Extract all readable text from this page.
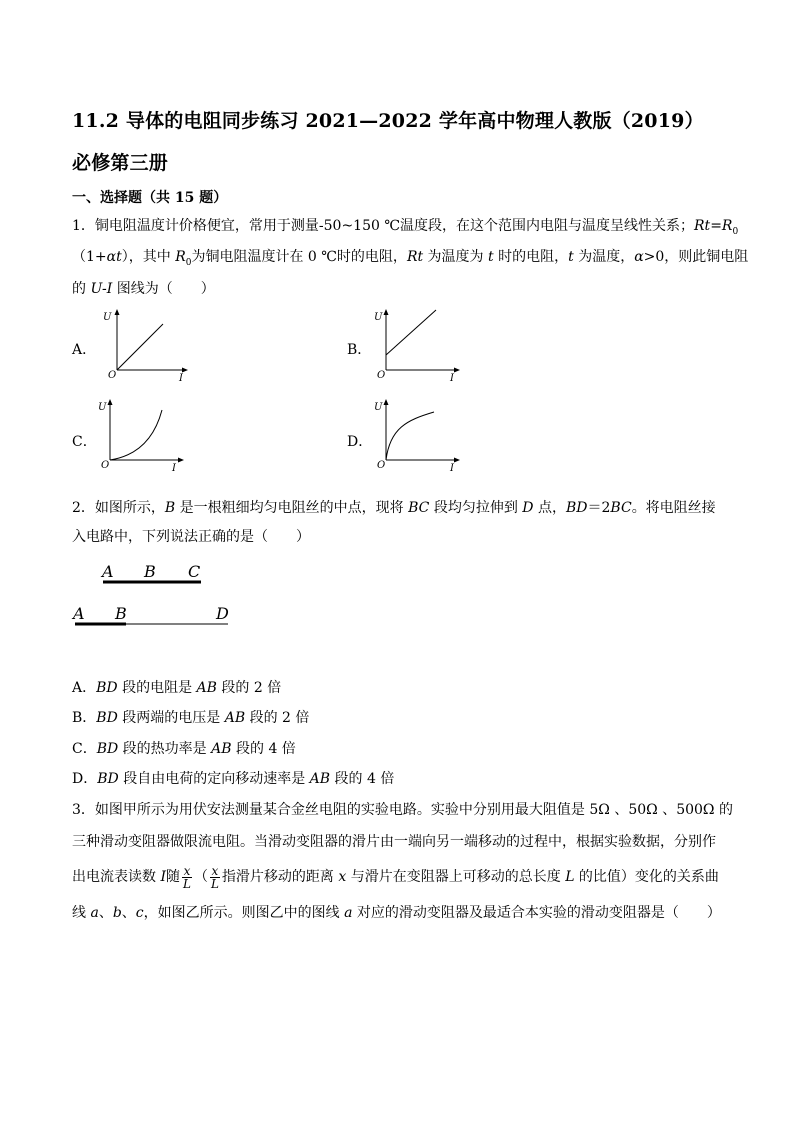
11.2 导体的电阻同步练习 2021—2022 学年高中物理人教版（2019）
必修第三册
一、选择题（共 15 题）
1．铜电阻温度计价格便宜，常用于测量-50~150 ℃温度段，在这个范围内电阻与温度呈线性关系；$Rt=R_0$
（1+αt），其中 $R_0$为铜电阻温度计在 0 ℃时的电阻，Rt 为温度为 t 时的电阻，t 为温度，α>0，则此铜电阻
的 U-I 图线为（　　）
A．	B．
C．	D．
U
I
O
U
I
O
U
I
O
U
I
O
2．如图所示，B 是一根粗细均匀电阻丝的中点，现将 BC 段均匀拉伸到 D 点，BD＝2BC。将电阻丝接
入电路中，下列说法正确的是（　　）
A B C
A B	D
A．BD 段的电阻是 AB 段的 2 倍
B．BD 段两端的电压是 AB 段的 2 倍
C．BD 段的热功率是 AB 段的 4 倍
D．BD 段自由电荷的定向移动速率是 AB 段的 4 倍
3．如图甲所示为用伏安法测量某合金丝电阻的实验电路。实验中分别用最大阻值是 5Ω 、50Ω 、500Ω 的
三种滑动变阻器做限流电阻。当滑动变阻器的滑片由一端向另一端移动的过程中，根据实验数据，分别作
出电流表读数 I随 $\frac{x}{L}$ （ $\frac{x}{L}$ 指滑片移动的距离 x 与滑片在变阻器上可移动的总长度 L 的比值）变化的关系曲
线 a、b、c，如图乙所示。则图乙中的图线 a 对应的滑动变阻器及最适合本实验的滑动变阻器是（　　）
